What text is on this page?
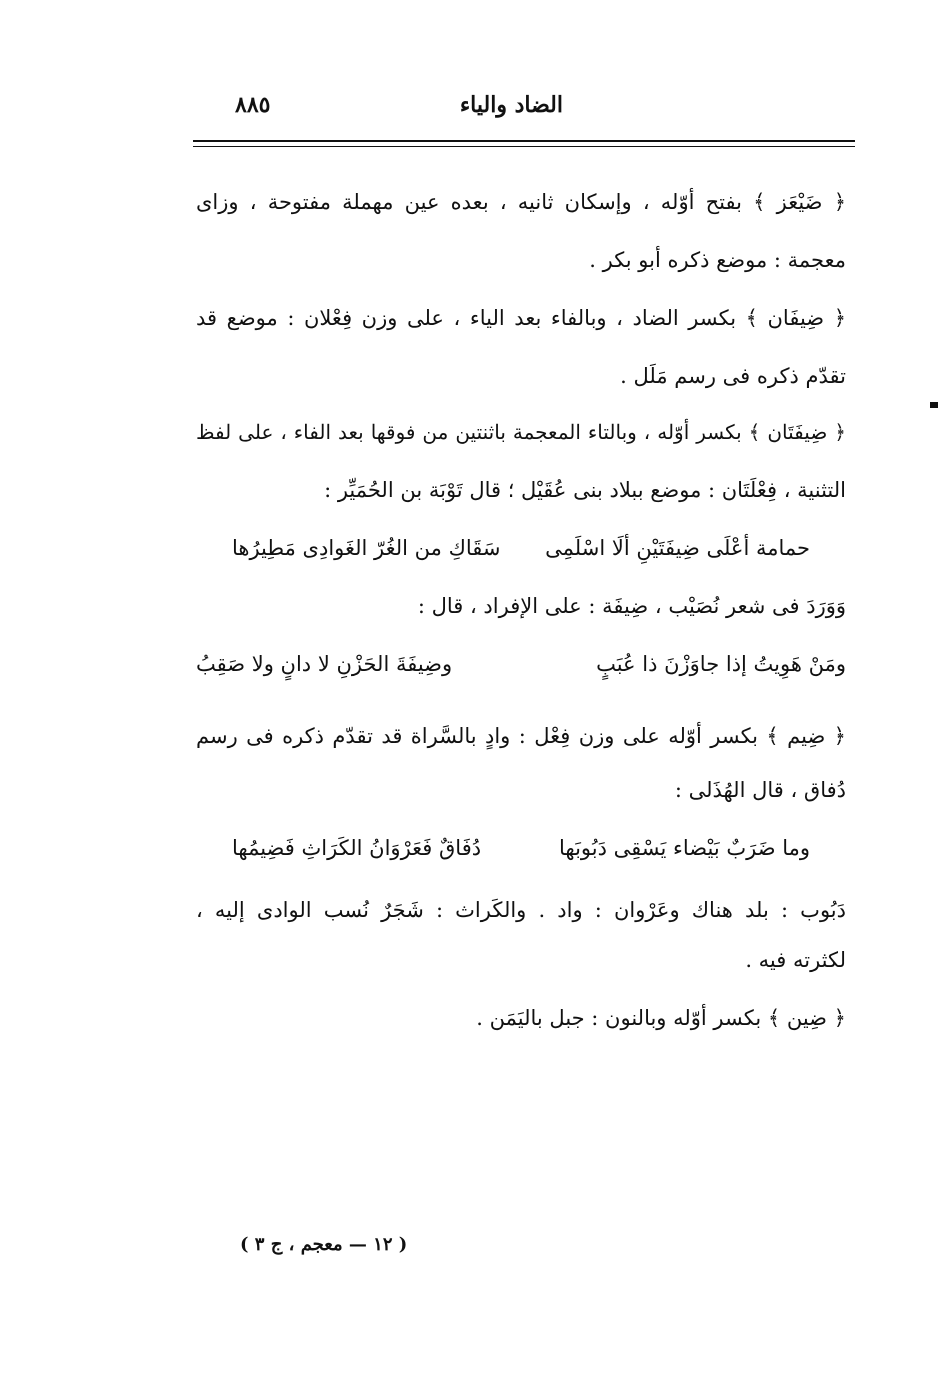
الضاد والياء
٨٨٥
﴿ ضَيْعَز ﴾ بفتح أوّله ، وإسكان ثانيه ، بعده عين مهملة مفتوحة ، وزاى
معجمة : موضع ذكره أبو بكر .
﴿ ضِيفَان ﴾ بكسر الضاد ، وبالفاء بعد الياء ، على وزن فِعْلان : موضع قد
تقدّم ذكره فى رسم مَلَل .
﴿ ضِيفَتَان ﴾ بكسر أوّله ، وبالتاء المعجمة باثنتين من فوقها بعد الفاء ، على لفظ
التثنية ، فِعْلَتَان : موضع ببلاد بنى عُقَيْل ؛ قال تَوْبَة بن الحُمَيِّر :
حمامة أعْلَى ضِيفَتَيْنِ ألَا اسْلَمِى
سَقَاكِ من الغُرّ الغَوادِى مَطِيرُها
وَوَرَدَ فى شعر نُصَيْب ، ضِيفَة : على الإفراد ، قال :
ومَنْ هَوِيتُ إذا جاوَزْنَ ذا عُبَبٍ
وضِيفَةَ الحَزْنِ لا دانٍ ولا صَقِبُ
﴿ ضِيم ﴾ بكسر أوّله على وزن فِعْل : وادٍ بالسَّراة قد تقدّم ذكره فى رسم
دُفاق ، قال الهُذَلى :
وما ضَرَبٌ بَيْضاء يَسْقِى دَبُوبَها
دُفَاقٌ فَعَرْوَانُ الكَرَاثِ فَضِيمُها
دَبُوب : بلد هناك وعَرْوان : واد . والكَراث : شَجَرٌ نُسب الوادى إليه ،
لكثرته فيه .
﴿ ضِين ﴾ بكسر أوّله وبالنون : جبل باليَمَن .
( ١٢ — معجم ، ج ٣ )
